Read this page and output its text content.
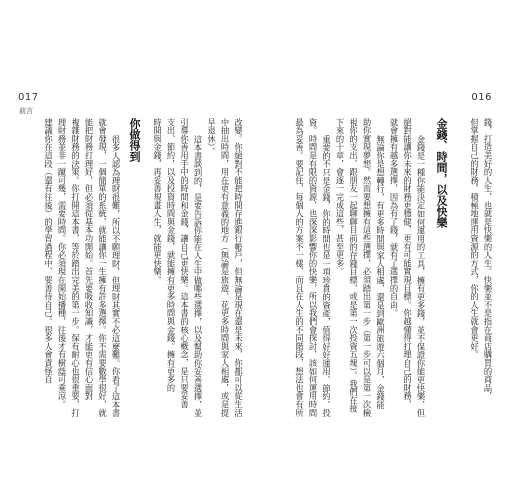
017
前言
改變。你絕對不能把時間存進銀行帳戶，但無論是現在還是未來，你都可以從生活
中抽出時間，用在更有意義的地方（無論是旅遊、花更多時間與家人相處，或是提
早退休）。
這本書談到的，是要告訴你能在人生中做哪些選擇，以及幫助你妥善選擇，並
引導你善用手中的時間和金錢，讓自己更快樂。這本書的核心概念，是只要妥善
支出、節約，以及投資時間與金錢，就能擁有更多時間與金錢。擁有更多的
時間與金錢，再妥善規畫人生，就能更快樂。
你做得到
很多人認為理財很難，所以不願理財，但理財其實不必這麼難。你看了這本書
就會發現，一個簡單的系統，就能讓你一生擁有許多選擇。你不需要數學很好，就
能把財務打理好，但必須從基本功開始。首先要吸收知識，才能更有信心面對
複雜財務的決策。你打開這本書，等於踏出完美的第一步。保有耐心也很重要，打
理財務並非一蹴可幾，需要時間。你必須現在開始播種，往後才有樹蔭可乘涼。
建議你在這段（還有往後）的學習過程中，要善待自己。很多人會責怪自
016
錢，打造美好的人生，也就是快樂的人生。快樂並不是指在商店購買的商品，
但掌握自己的財務，積極地運用資源的方式，你的人生就會更好。
金錢、時間，以及快樂
金錢是一種你能決定如何運用的工具，擁有更多錢，並不保證你能更快樂，但
絕對能讓你未來的財務更穩健，更有可能實現目標。你越懂得打理自己的財務，
就會擁有越多選擇，因為有了錢，就有了選擇的自由。
無論你是想轉行，有更多時間與家人相處，還是到歐洲旅遊六個月，金錢能
助你實現夢想。然而要想擁有這些選擇，必須踏出第一步（第一步可以是第一次檢
視你的支出、跟朋友一起聊聊目前的存錢目標，或是第一次投資五塊）。我們在接
下來的十章，會逐一完成這些，甚至更多。
重要的不只是金錢，你的時間也是一項珍貴的資產，值得好好運用、節約、投
資。時間是有限的資源，也深深影響你的快樂，所以我們會探討，該如何運用時間
最為妥善。要記住，每個人的方案不一樣，而且在人生的不同階段，想法也會有所
